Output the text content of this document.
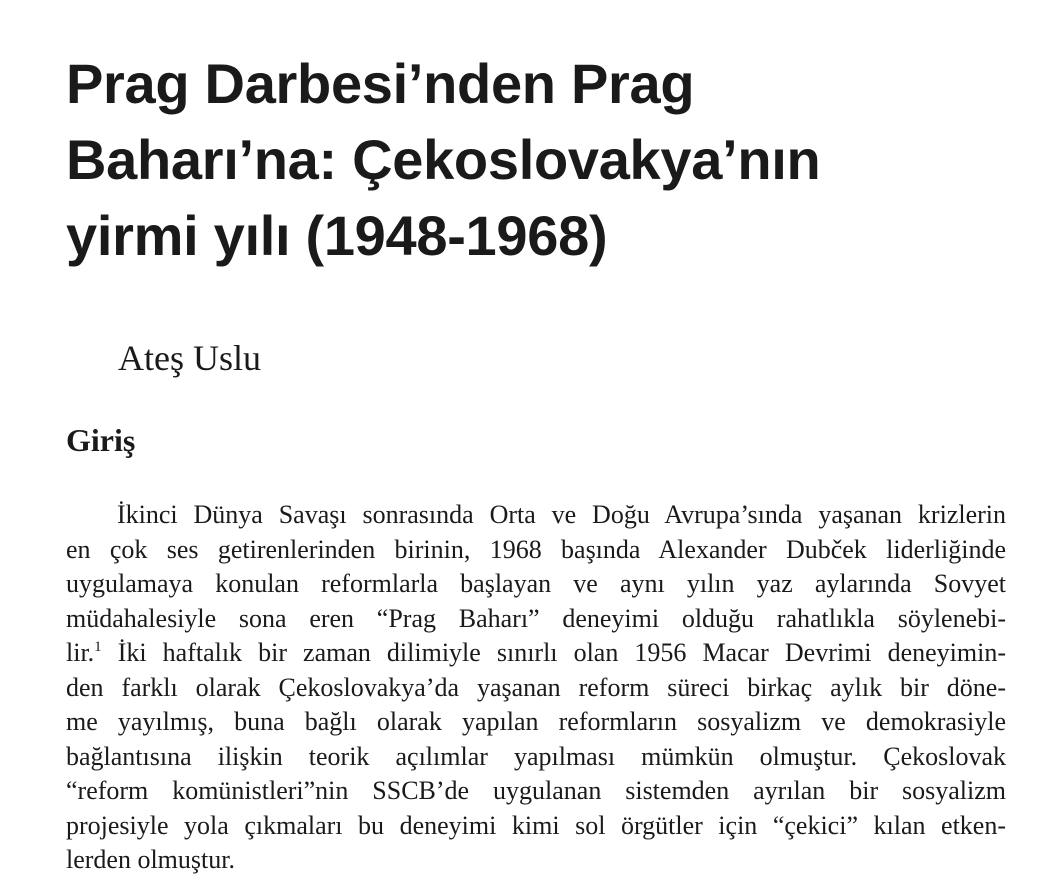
Prag Darbesi’nden Prag
Baharı’na: Çekoslovakya’nın
yirmi yılı (1948-1968)
Ateş Uslu
Giriş
İkinci Dünya Savaşı sonrasında Orta ve Doğu Avrupa’sında yaşanan krizlerin
en çok ses getirenlerinden birinin, 1968 başında Alexander Dubček liderliğinde
uygulamaya konulan reformlarla başlayan ve aynı yılın yaz aylarında Sovyet
müdahalesiyle sona eren “Prag Baharı” deneyimi olduğu rahatlıkla söylenebi-
lir.$^1$ İki haftalık bir zaman dilimiyle sınırlı olan 1956 Macar Devrimi deneyimin-
den farklı olarak Çekoslovakya’da yaşanan reform süreci birkaç aylık bir döne-
me yayılmış, buna bağlı olarak yapılan reformların sosyalizm ve demokrasiyle
bağlantısına ilişkin teorik açılımlar yapılması mümkün olmuştur. Çekoslovak
“reform komünistleri”nin SSCB’de uygulanan sistemden ayrılan bir sosyalizm
projesiyle yola çıkmaları bu deneyimi kimi sol örgütler için “çekici” kılan etken-
lerden olmuştur.
